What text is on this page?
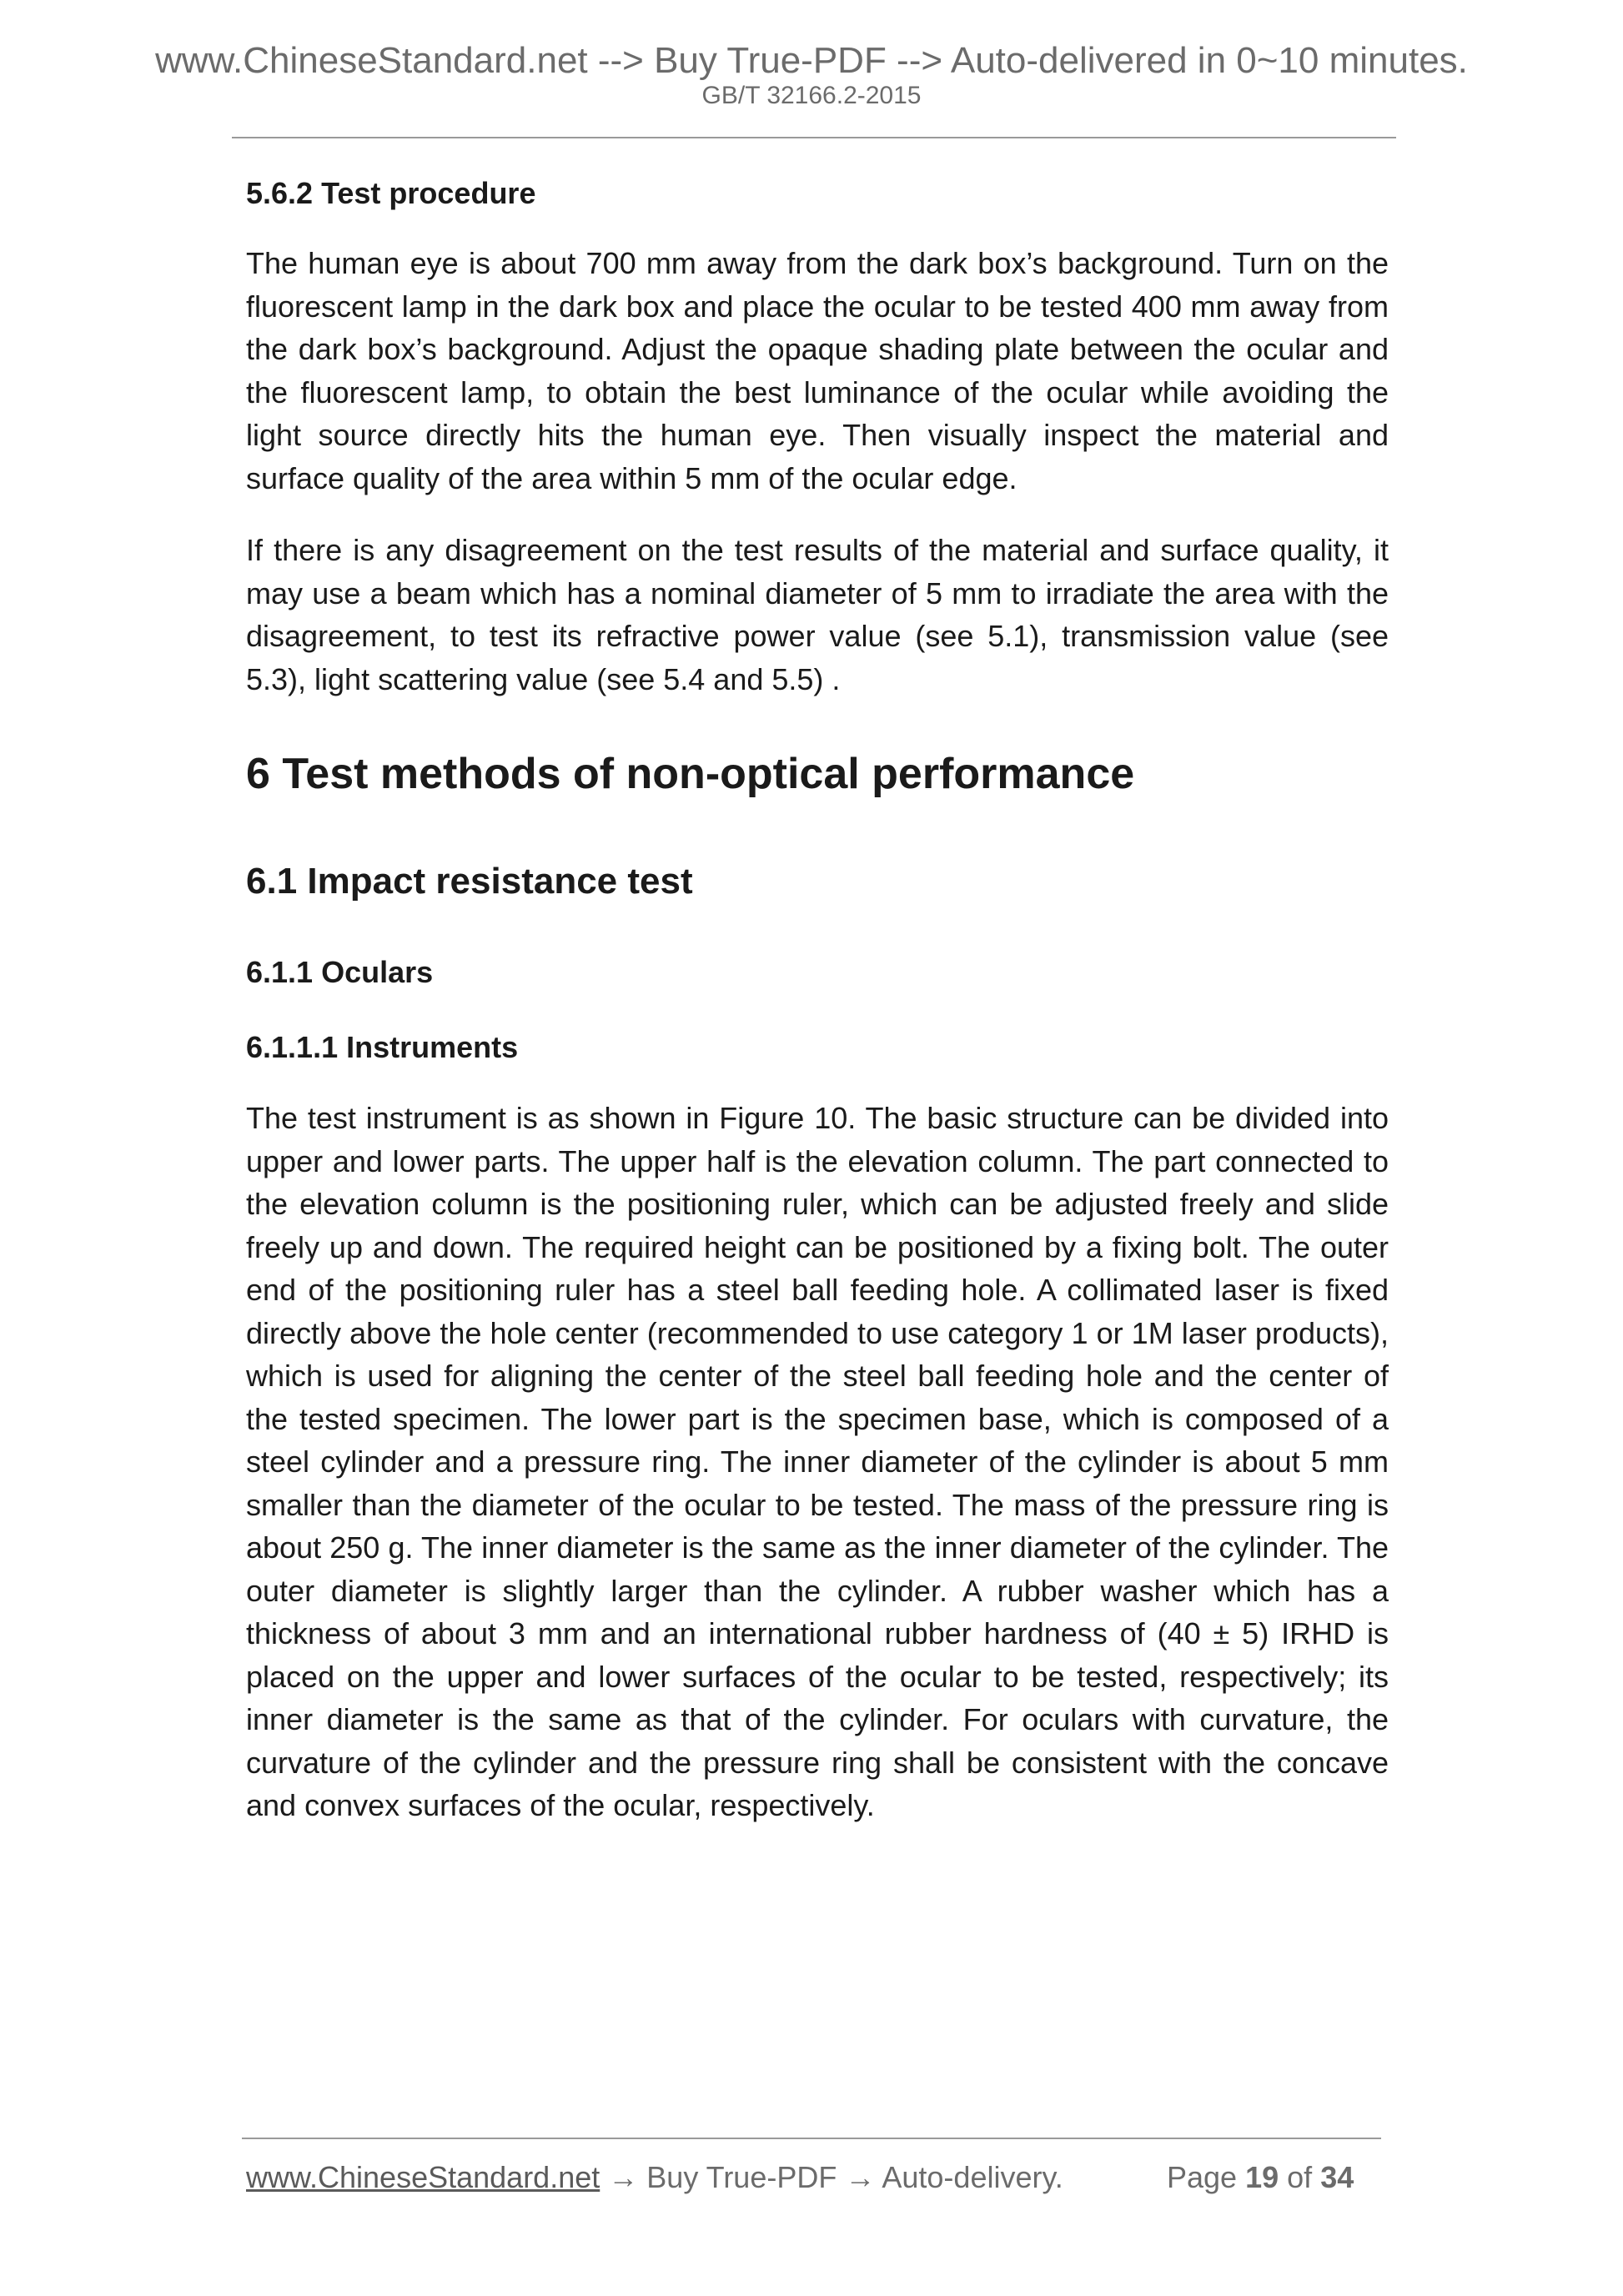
www.ChineseStandard.net --> Buy True-PDF --> Auto-delivered in 0~10 minutes.
GB/T 32166.2-2015
5.6.2 Test procedure

The human eye is about 700 mm away from the dark box’s background. Turn on the fluorescent lamp in the dark box and place the ocular to be tested 400 mm away from the dark box’s background. Adjust the opaque shading plate between the ocular and the fluorescent lamp, to obtain the best luminance of the ocular while avoiding the light source directly hits the human eye. Then visually inspect the material and surface quality of the area within 5 mm of the ocular edge.

If there is any disagreement on the test results of the material and surface quality, it may use a beam which has a nominal diameter of 5 mm to irradiate the area with the disagreement, to test its refractive power value (see 5.1), transmission value (see 5.3), light scattering value (see 5.4 and 5.5) .

6 Test methods of non-optical performance
6.1 Impact resistance test
6.1.1 Oculars
6.1.1.1 Instruments

The test instrument is as shown in Figure 10. The basic structure can be divided into upper and lower parts. The upper half is the elevation column. The part connected to the elevation column is the positioning ruler, which can be adjusted freely and slide freely up and down. The required height can be positioned by a fixing bolt. The outer end of the positioning ruler has a steel ball feeding hole. A collimated laser is fixed directly above the hole center (recommended to use category 1 or 1M laser products), which is used for aligning the center of the steel ball feeding hole and the center of the tested specimen. The lower part is the specimen base, which is composed of a steel cylinder and a pressure ring. The inner diameter of the cylinder is about 5 mm smaller than the diameter of the ocular to be tested. The mass of the pressure ring is about 250 g. The inner diameter is the same as the inner diameter of the cylinder. The outer diameter is slightly larger than the cylinder. A rubber washer which has a thickness of about 3 mm and an international rubber hardness of (40 ± 5) IRHD is placed on the upper and lower surfaces of the ocular to be tested, respectively; its inner diameter is the same as that of the cylinder. For oculars with curvature, the curvature of the cylinder and the pressure ring shall be consistent with the concave and convex surfaces of the ocular, respectively.

www.ChineseStandard.net → Buy True-PDF → Auto-delivery.	Page 19 of 34
